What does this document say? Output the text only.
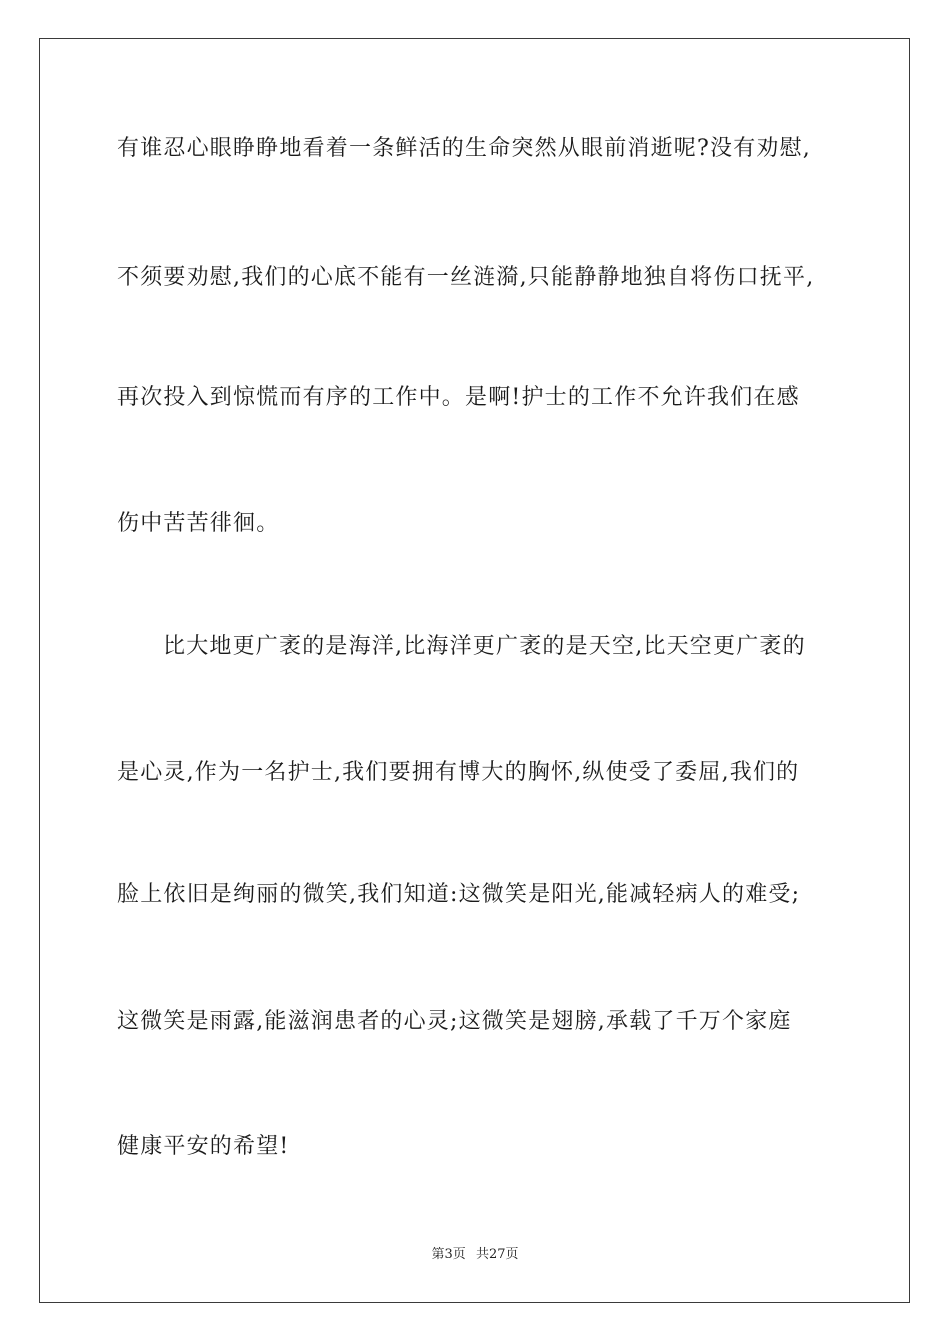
有谁忍心眼睁睁地看着一条鲜活的生命突然从眼前消逝呢?没有劝慰,
不须要劝慰,我们的心底不能有一丝涟漪,只能静静地独自将伤口抚平,
再次投入到惊慌而有序的工作中。是啊!护士的工作不允许我们在感
伤中苦苦徘徊。
比大地更广袤的是海洋,比海洋更广袤的是天空,比天空更广袤的
是心灵,作为一名护士,我们要拥有博大的胸怀,纵使受了委屈,我们的
脸上依旧是绚丽的微笑,我们知道:这微笑是阳光,能减轻病人的难受;
这微笑是雨露,能滋润患者的心灵;这微笑是翅膀,承载了千万个家庭
健康平安的希望!
第3页 共27页
